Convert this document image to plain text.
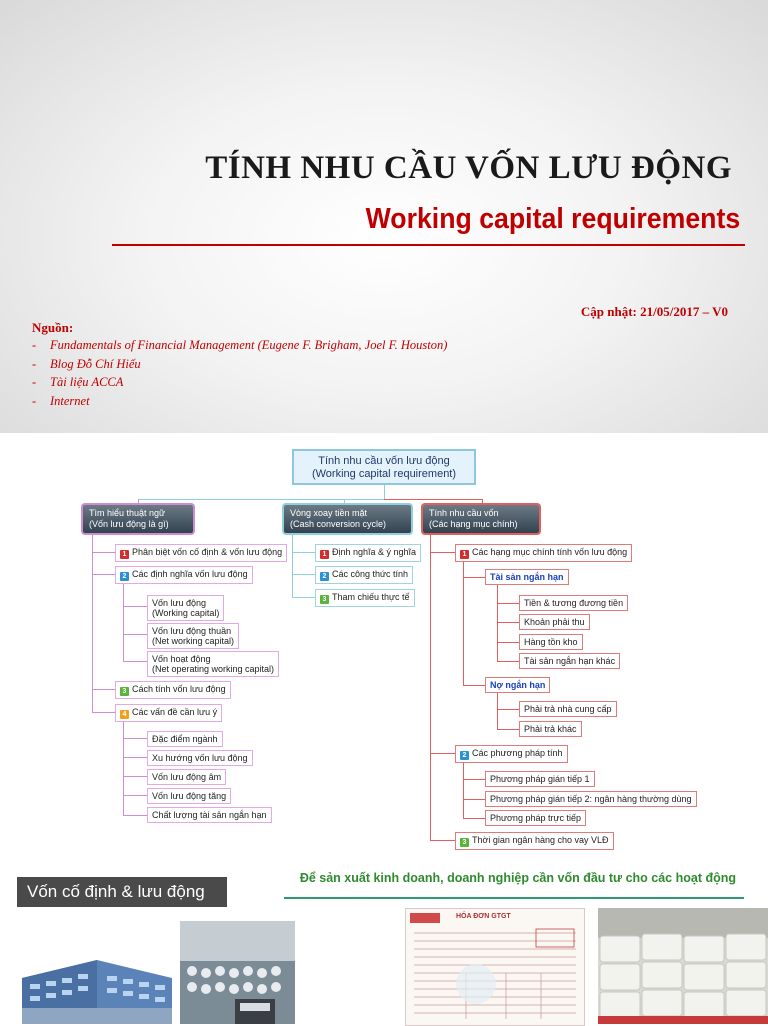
TÍNH NHU CẦU VỐN LƯU ĐỘNG
Working capital requirements
Cập nhật: 21/05/2017 – V0
Nguồn:
- Fundamentals of Financial Management (Eugene F. Brigham, Joel F. Houston)
- Blog Đỗ Chí Hiếu
- Tài liệu ACCA
- Internet
Tính nhu cầu vốn lưu động
(Working capital requirement)
Tìm hiểu thuật ngữ
(Vốn lưu động là gì)
Vòng xoay tiền mặt
(Cash conversion cycle)
Tính nhu cầu vốn
(Các hạng mục chính)
1 Phân biệt vốn cố định & vốn lưu động
2 Các định nghĩa vốn lưu động
Vốn lưu động
(Working capital)
Vốn lưu động thuần
(Net working capital)
Vốn hoạt động
(Net operating working capital)
3 Cách tính vốn lưu động
4 Các vấn đề cần lưu ý
Đặc điểm ngành
Xu hướng vốn lưu động
Vốn lưu động âm
Vốn lưu động tăng
Chất lượng tài sản ngắn hạn
1 Định nghĩa & ý nghĩa
2 Các công thức tính
3 Tham chiếu thực tế
1 Các hạng mục chính tính vốn lưu động
Tài sản ngắn hạn
Tiền & tương đương tiền
Khoản phải thu
Hàng tồn kho
Tài sản ngắn hạn khác
Nợ ngắn hạn
Phải trả nhà cung cấp
Phải trả khác
2 Các phương pháp tính
Phương pháp gián tiếp 1
Phương pháp gián tiếp 2: ngân hàng thường dùng
Phương pháp trực tiếp
3 Thời gian ngân hàng cho vay VLĐ
Vốn cố định & lưu động
Để sản xuất kinh doanh, doanh nghiệp cần vốn đầu tư cho các hoạt động
HÓA ĐƠN GTGT
